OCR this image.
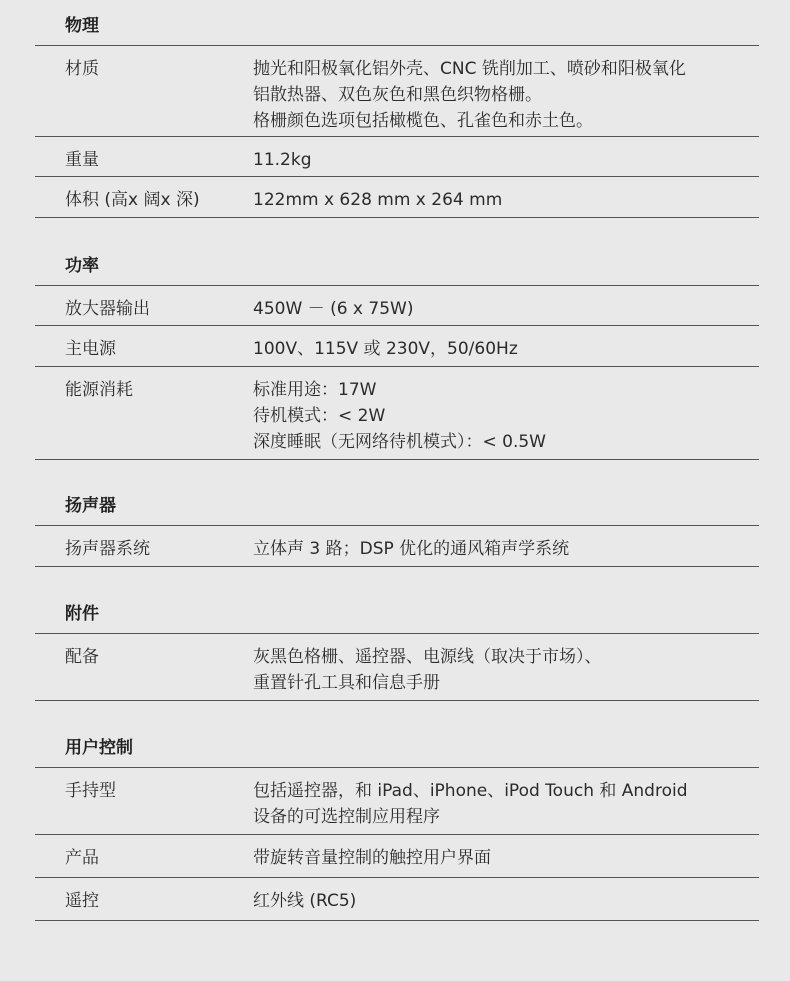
物理
材质	抛光和阳极氧化铝外壳、CNC 铣削加工、喷砂和阳极氧化
铝散热器、双色灰色和黑色织物格栅。
格栅颜色选项包括橄榄色、孔雀色和赤土色。
重量	11.2kg
体积 (高x 阔x 深)	122mm x 628 mm x 264 mm
功率
放大器输出	450W － (6 x 75W)
主电源	100V、115V 或 230V，50/60Hz
能源消耗	标准用途：17W
待机模式：< 2W
深度睡眠（无网络待机模式）：< 0.5W
扬声器
扬声器系统	立体声 3 路；DSP 优化的通风箱声学系统
附件
配备	灰黑色格栅、遥控器、电源线（取决于市场）、
重置针孔工具和信息手册
用户控制
手持型	包括遥控器，和 iPad、iPhone、iPod Touch 和 Android
设备的可选控制应用程序
产品	带旋转音量控制的触控用户界面
遥控	红外线 (RC5)
